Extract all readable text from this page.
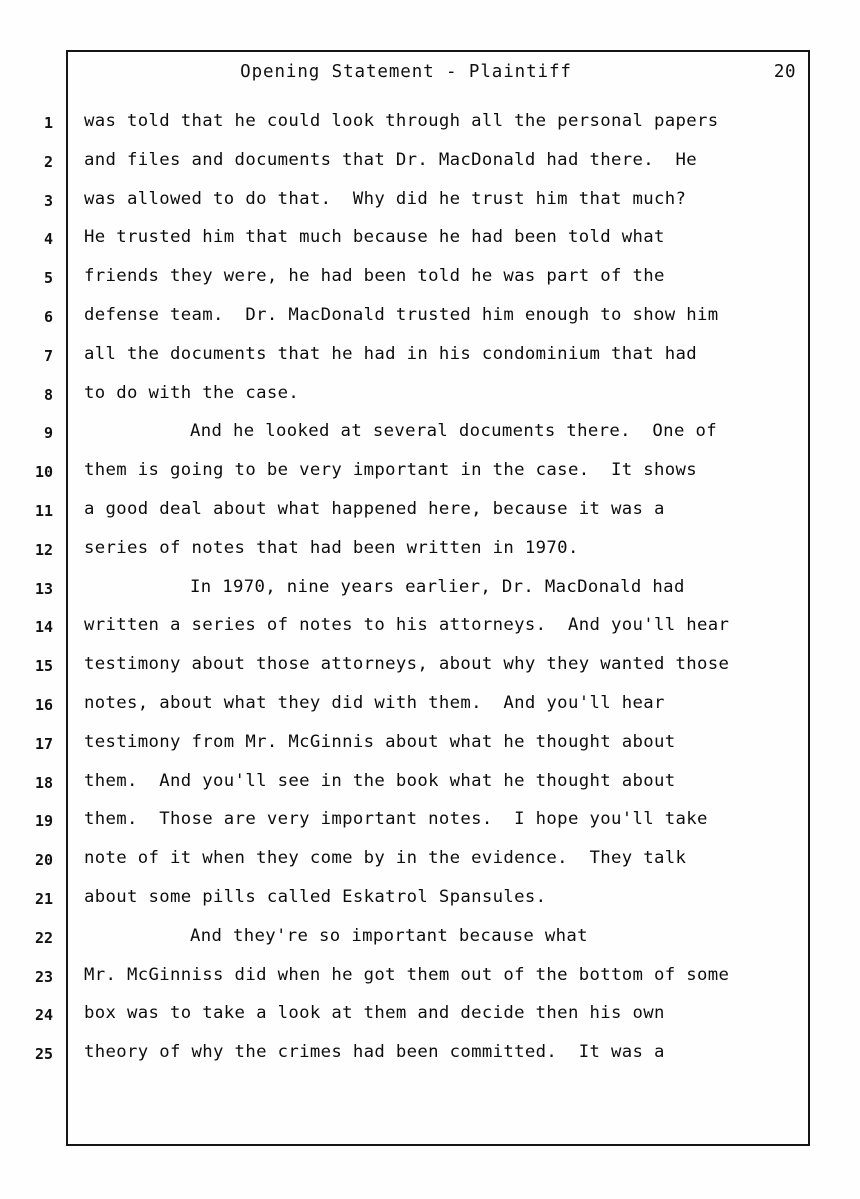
Opening Statement - Plaintiff	20
1 was told that he could look through all the personal papers
2 and files and documents that Dr. MacDonald had there.  He
3 was allowed to do that.  Why did he trust him that much?
4 He trusted him that much because he had been told what
5 friends they were, he had been told he was part of the
6 defense team.  Dr. MacDonald trusted him enough to show him
7 all the documents that he had in his condominium that had
8 to do with the case.
9	And he looked at several documents there.  One of
10 them is going to be very important in the case.  It shows
11 a good deal about what happened here, because it was a
12 series of notes that had been written in 1970.
13	In 1970, nine years earlier, Dr. MacDonald had
14 written a series of notes to his attorneys.  And you'll hear
15 testimony about those attorneys, about why they wanted those
16 notes, about what they did with them.  And you'll hear
17 testimony from Mr. McGinnis about what he thought about
18 them.  And you'll see in the book what he thought about
19 them.  Those are very important notes.  I hope you'll take
20 note of it when they come by in the evidence.  They talk
21 about some pills called Eskatrol Spansules.
22	And they're so important because what
23 Mr. McGinniss did when he got them out of the bottom of some
24 box was to take a look at them and decide then his own
25 theory of why the crimes had been committed.  It was a
